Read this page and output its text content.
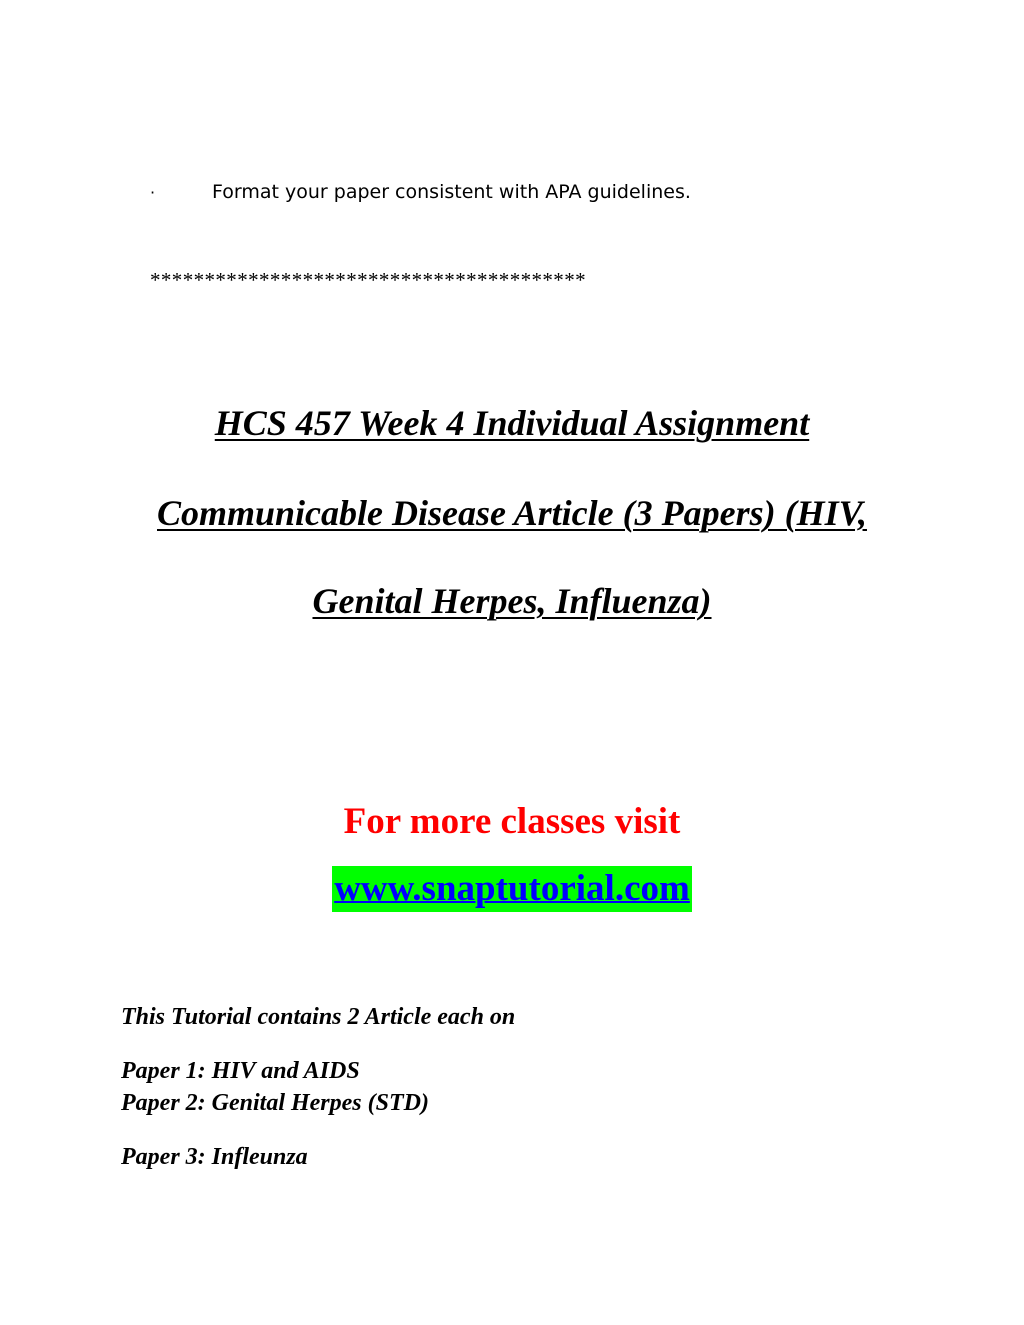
·	Format your paper consistent with APA guidelines.
****************************************
HCS 457 Week 4 Individual Assignment
Communicable Disease Article (3 Papers) (HIV,
Genital Herpes, Influenza)
For more classes visit
www.snaptutorial.com
This Tutorial contains 2 Article each on
Paper 1: HIV and AIDS
Paper 2: Genital Herpes (STD)
Paper 3: Infleunza
